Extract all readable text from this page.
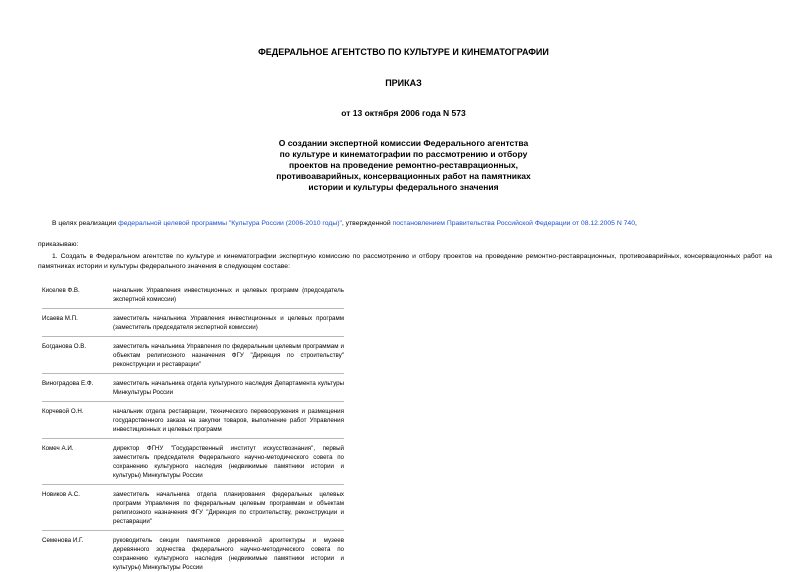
ФЕДЕРАЛЬНОЕ АГЕНТСТВО ПО КУЛЬТУРЕ И КИНЕМАТОГРАФИИ
ПРИКАЗ
от 13 октября 2006 года N 573
О создании экспертной комиссии Федерального агентства
по культуре и кинематографии по рассмотрению и отбору
проектов на проведение ремонтно-реставрационных,
противоаварийных, консервационных работ на памятниках
истории и культуры федерального значения
В целях реализации федеральной целевой программы "Культура России (2006-2010 годы)", утвержденной постановлением Правительства Российской Федерации от 08.12.2005 N 740,
приказываю:
1. Создать в Федеральном агентстве по культуре и кинематографии экспертную комиссию по рассмотрению и отбору проектов на проведение ремонтно-реставрационных, противоаварийных, консервационных работ на памятниках истории и культуры федерального значения в следующем составе:
Киселев Ф.В.	начальник Управления инвестиционных и целевых программ (председатель экспертной комиссии)
Исаева М.П.	заместитель начальника Управления инвестиционных и целевых программ (заместитель председателя экспертной комиссии)
Богданова О.В.	заместитель начальника Управления по федеральным целевым программам и объектам религиозного назначения ФГУ "Дирекция по строительству" реконструкции и реставрации"
Виноградова Е.Ф.	заместитель начальника отдела культурного наследия Департамента культуры Минкультуры России
Корчевой О.Н.	начальник отдела реставрации, технического перевооружения и размещения государственного заказа на закупки товаров, выполнение работ Управления инвестиционных и целевых программ
Комеч А.И.	директор ФГНУ "Государственный институт искусствознания", первый заместитель председателя Федерального научно-методического совета по сохранению культурного наследия (недвижимые памятники истории и культуры) Минкультуры России
Новиков А.С.	заместитель начальника отдела планирования федеральных целевых программ Управления по федеральным целевым программам и объектам религиозного назначения ФГУ "Дирекция по строительству, реконструкции и реставрации"
Семенова И.Г.	руководитель секции памятников деревянной архитектуры и музеев деревянного зодчества федерального научно-методического совета по сохранению культурного наследия (недвижимые памятники истории и культуры) Минкультуры России
